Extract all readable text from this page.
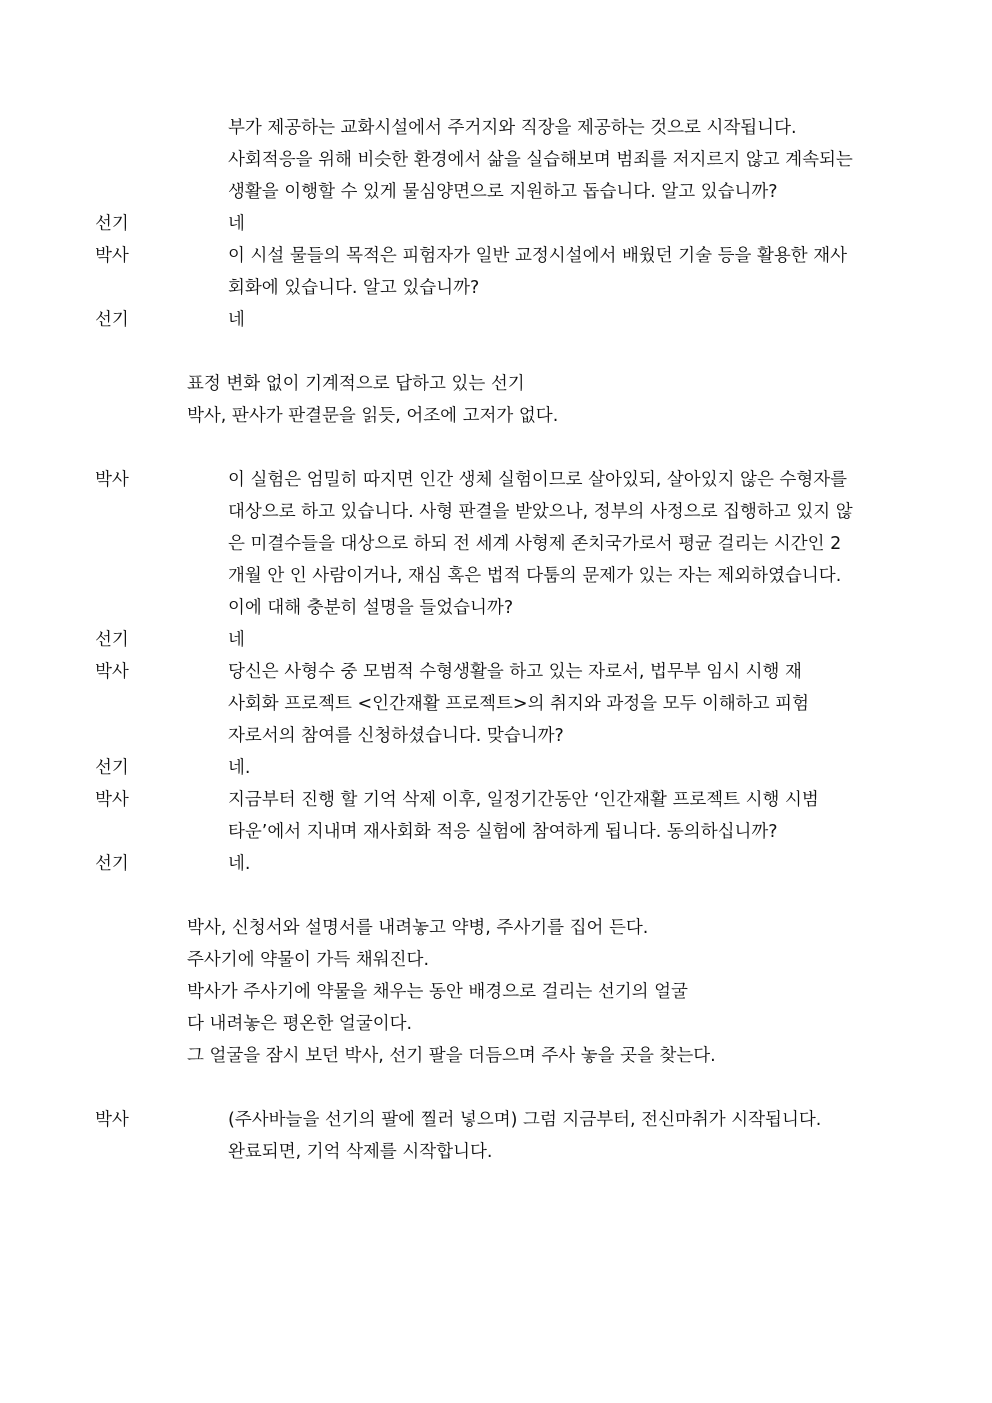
부가 제공하는 교화시설에서 주거지와 직장을 제공하는 것으로 시작됩니다.
사회적응을 위해 비슷한 환경에서 삶을 실습해보며 범죄를 저지르지 않고 계속되는
생활을 이행할 수 있게 물심양면으로 지원하고 돕습니다. 알고 있습니까?
선기	네
박사	이 시설 물들의 목적은 피험자가 일반 교정시설에서 배웠던 기술 등을 활용한 재사
회화에 있습니다. 알고 있습니까?
선기	네
표정 변화 없이 기계적으로 답하고 있는 선기
박사, 판사가 판결문을 읽듯, 어조에 고저가 없다.
박사	이 실험은 엄밀히 따지면 인간 생체 실험이므로 살아있되, 살아있지 않은 수형자를
대상으로 하고 있습니다. 사형 판결을 받았으나, 정부의 사정으로 집행하고 있지 않
은 미결수들을 대상으로 하되 전 세계 사형제 존치국가로서 평균 걸리는 시간인 2
개월 안 인 사람이거나, 재심 혹은 법적 다툼의 문제가 있는 자는 제외하였습니다.
이에 대해 충분히 설명을 들었습니까?
선기	네
박사	당신은 사형수 중 모범적 수형생활을 하고 있는 자로서, 법무부 임시 시행 재
사회화 프로젝트 <인간재활 프로젝트>의 취지와 과정을 모두 이해하고 피험
자로서의 참여를 신청하셨습니다. 맞습니까?
선기	네.
박사	지금부터 진행 할 기억 삭제 이후, 일정기간동안 ‘인간재활 프로젝트 시행 시범
타운’에서 지내며 재사회화 적응 실험에 참여하게 됩니다. 동의하십니까?
선기	네.
박사, 신청서와 설명서를 내려놓고 약병, 주사기를 집어 든다.
주사기에 약물이 가득 채워진다.
박사가 주사기에 약물을 채우는 동안 배경으로 걸리는 선기의 얼굴
다 내려놓은 평온한 얼굴이다.
그 얼굴을 잠시 보던 박사, 선기 팔을 더듬으며 주사 놓을 곳을 찾는다.
박사	(주사바늘을 선기의 팔에 찔러 넣으며) 그럼 지금부터, 전신마취가 시작됩니다.
완료되면, 기억 삭제를 시작합니다.
